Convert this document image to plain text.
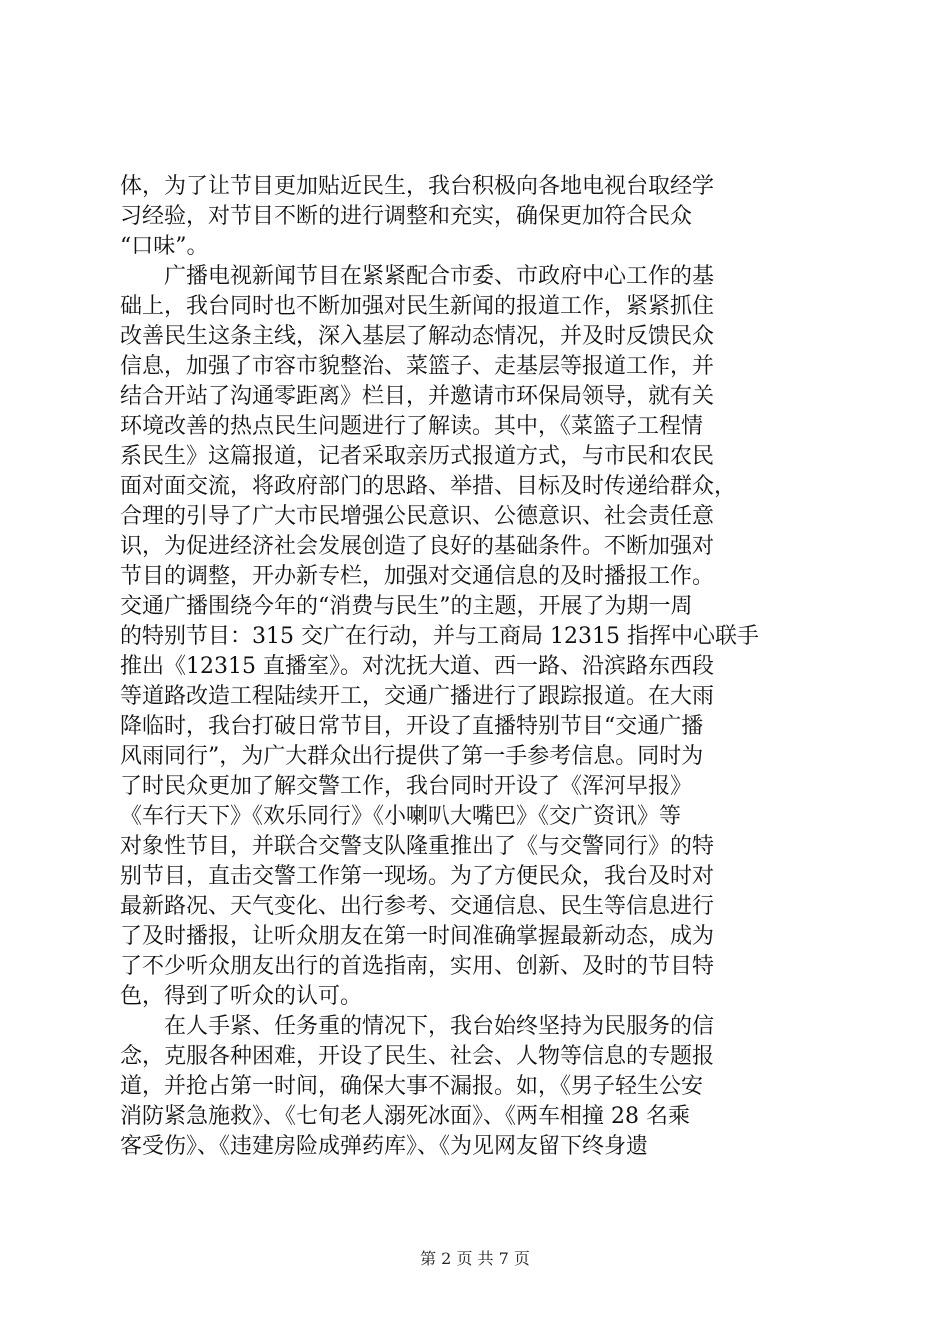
体，为了让节目更加贴近民生，我台积极向各地电视台取经学
习经验，对节目不断的进行调整和充实，确保更加符合民众
“口味”。
　　广播电视新闻节目在紧紧配合市委、市政府中心工作的基
础上，我台同时也不断加强对民生新闻的报道工作，紧紧抓住
改善民生这条主线，深入基层了解动态情况，并及时反馈民众
信息，加强了市容市貌整治、菜篮子、走基层等报道工作，并
结合开站了沟通零距离》栏目，并邀请市环保局领导，就有关
环境改善的热点民生问题进行了解读。其中，《菜篮子工程情
系民生》这篇报道，记者采取亲历式报道方式，与市民和农民
面对面交流，将政府部门的思路、举措、目标及时传递给群众，
合理的引导了广大市民增强公民意识、公德意识、社会责任意
识，为促进经济社会发展创造了良好的基础条件。不断加强对
节目的调整，开办新专栏，加强对交通信息的及时播报工作。
交通广播围绕今年的“消费与民生”的主题，开展了为期一周
的特别节目：315 交广在行动，并与工商局 12315 指挥中心联手
推出《12315 直播室》。对沈抚大道、西一路、沿滨路东西段
等道路改造工程陆续开工，交通广播进行了跟踪报道。在大雨
降临时，我台打破日常节目，开设了直播特别节目“交通广播
风雨同行”，为广大群众出行提供了第一手参考信息。同时为
了时民众更加了解交警工作，我台同时开设了《浑河早报》
《车行天下》《欢乐同行》《小喇叭大嘴巴》《交广资讯》等
对象性节目，并联合交警支队隆重推出了《与交警同行》的特
别节目，直击交警工作第一现场。为了方便民众，我台及时对
最新路况、天气变化、出行参考、交通信息、民生等信息进行
了及时播报，让听众朋友在第一时间准确掌握最新动态，成为
了不少听众朋友出行的首选指南，实用、创新、及时的节目特
色，得到了听众的认可。
　　在人手紧、任务重的情况下，我台始终坚持为民服务的信
念，克服各种困难，开设了民生、社会、人物等信息的专题报
道，并抢占第一时间，确保大事不漏报。如，《男子轻生公安
消防紧急施救》、《七旬老人溺死冰面》、《两车相撞 28 名乘
客受伤》、《违建房险成弹药库》、《为见网友留下终身遗
第 2 页 共 7 页
